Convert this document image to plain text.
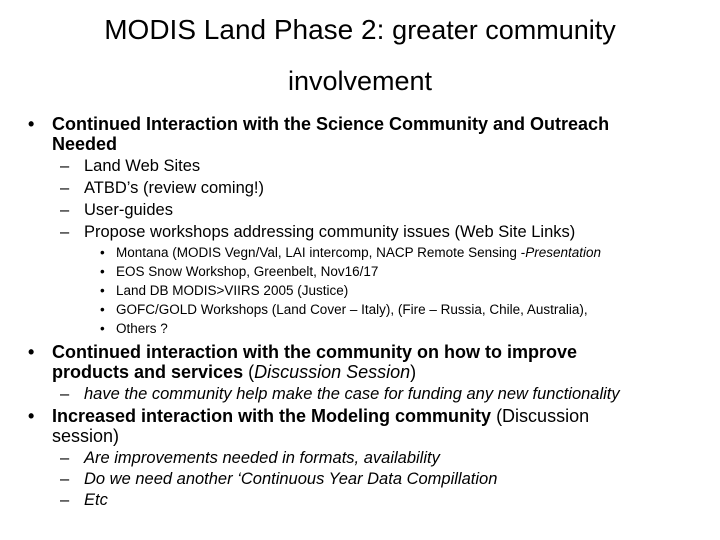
MODIS Land Phase 2: greater community
involvement
• Continued Interaction with the Science Community and Outreach
Needed
– Land Web Sites
– ATBD’s (review coming!)
– User-guides
– Propose workshops addressing community issues (Web Site Links)
• Montana (MODIS Vegn/Val, LAI intercomp, NACP Remote Sensing -Presentation
• EOS Snow Workshop, Greenbelt, Nov16/17
• Land DB MODIS>VIIRS 2005 (Justice)
• GOFC/GOLD Workshops (Land Cover – Italy), (Fire – Russia, Chile, Australia),
• Others ?
• Continued interaction with the community on how to improve
products and services (Discussion Session)
– have the community help make the case for funding any new functionality
• Increased interaction with the Modeling community (Discussion
session)
– Are improvements needed in formats, availability
– Do we need another ‘Continuous Year Data Compillation
– Etc
